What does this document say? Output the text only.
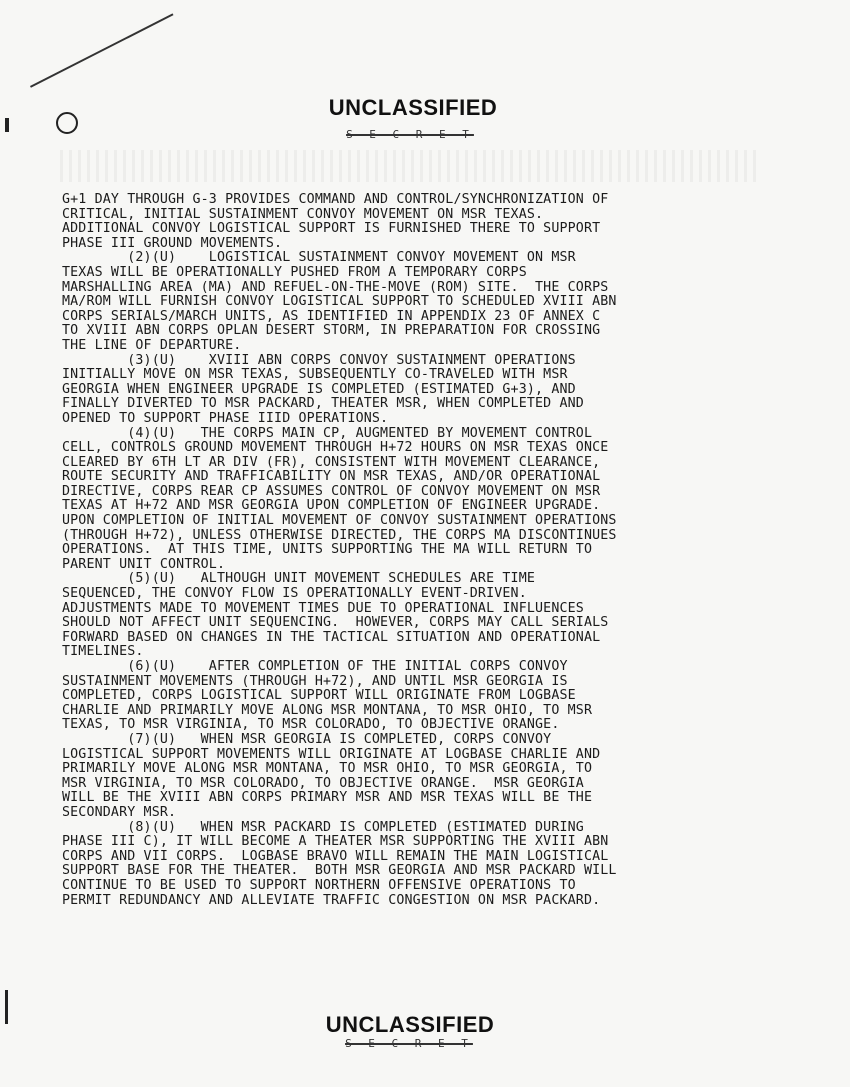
UNCLASSIFIED
S E C R E T
G+1 DAY THROUGH G-3 PROVIDES COMMAND AND CONTROL/SYNCHRONIZATION OF
CRITICAL, INITIAL SUSTAINMENT CONVOY MOVEMENT ON MSR TEXAS.
ADDITIONAL CONVOY LOGISTICAL SUPPORT IS FURNISHED THERE TO SUPPORT
PHASE III GROUND MOVEMENTS.
(2)(U)    LOGISTICAL SUSTAINMENT CONVOY MOVEMENT ON MSR
TEXAS WILL BE OPERATIONALLY PUSHED FROM A TEMPORARY CORPS
MARSHALLING AREA (MA) AND REFUEL-ON-THE-MOVE (ROM) SITE.  THE CORPS
MA/ROM WILL FURNISH CONVOY LOGISTICAL SUPPORT TO SCHEDULED XVIII ABN
CORPS SERIALS/MARCH UNITS, AS IDENTIFIED IN APPENDIX 23 OF ANNEX C
TO XVIII ABN CORPS OPLAN DESERT STORM, IN PREPARATION FOR CROSSING
THE LINE OF DEPARTURE.
(3)(U)    XVIII ABN CORPS CONVOY SUSTAINMENT OPERATIONS
INITIALLY MOVE ON MSR TEXAS, SUBSEQUENTLY CO-TRAVELED WITH MSR
GEORGIA WHEN ENGINEER UPGRADE IS COMPLETED (ESTIMATED G+3), AND
FINALLY DIVERTED TO MSR PACKARD, THEATER MSR, WHEN COMPLETED AND
OPENED TO SUPPORT PHASE IIID OPERATIONS.
(4)(U)   THE CORPS MAIN CP, AUGMENTED BY MOVEMENT CONTROL
CELL, CONTROLS GROUND MOVEMENT THROUGH H+72 HOURS ON MSR TEXAS ONCE
CLEARED BY 6TH LT AR DIV (FR), CONSISTENT WITH MOVEMENT CLEARANCE,
ROUTE SECURITY AND TRAFFICABILITY ON MSR TEXAS, AND/OR OPERATIONAL
DIRECTIVE, CORPS REAR CP ASSUMES CONTROL OF CONVOY MOVEMENT ON MSR
TEXAS AT H+72 AND MSR GEORGIA UPON COMPLETION OF ENGINEER UPGRADE.
UPON COMPLETION OF INITIAL MOVEMENT OF CONVOY SUSTAINMENT OPERATIONS
(THROUGH H+72), UNLESS OTHERWISE DIRECTED, THE CORPS MA DISCONTINUES
OPERATIONS.  AT THIS TIME, UNITS SUPPORTING THE MA WILL RETURN TO
PARENT UNIT CONTROL.
(5)(U)   ALTHOUGH UNIT MOVEMENT SCHEDULES ARE TIME
SEQUENCED, THE CONVOY FLOW IS OPERATIONALLY EVENT-DRIVEN.
ADJUSTMENTS MADE TO MOVEMENT TIMES DUE TO OPERATIONAL INFLUENCES
SHOULD NOT AFFECT UNIT SEQUENCING.  HOWEVER, CORPS MAY CALL SERIALS
FORWARD BASED ON CHANGES IN THE TACTICAL SITUATION AND OPERATIONAL
TIMELINES.
(6)(U)    AFTER COMPLETION OF THE INITIAL CORPS CONVOY
SUSTAINMENT MOVEMENTS (THROUGH H+72), AND UNTIL MSR GEORGIA IS
COMPLETED, CORPS LOGISTICAL SUPPORT WILL ORIGINATE FROM LOGBASE
CHARLIE AND PRIMARILY MOVE ALONG MSR MONTANA, TO MSR OHIO, TO MSR
TEXAS, TO MSR VIRGINIA, TO MSR COLORADO, TO OBJECTIVE ORANGE.
(7)(U)   WHEN MSR GEORGIA IS COMPLETED, CORPS CONVOY
LOGISTICAL SUPPORT MOVEMENTS WILL ORIGINATE AT LOGBASE CHARLIE AND
PRIMARILY MOVE ALONG MSR MONTANA, TO MSR OHIO, TO MSR GEORGIA, TO
MSR VIRGINIA, TO MSR COLORADO, TO OBJECTIVE ORANGE.  MSR GEORGIA
WILL BE THE XVIII ABN CORPS PRIMARY MSR AND MSR TEXAS WILL BE THE
SECONDARY MSR.
(8)(U)   WHEN MSR PACKARD IS COMPLETED (ESTIMATED DURING
PHASE III C), IT WILL BECOME A THEATER MSR SUPPORTING THE XVIII ABN
CORPS AND VII CORPS.  LOGBASE BRAVO WILL REMAIN THE MAIN LOGISTICAL
SUPPORT BASE FOR THE THEATER.  BOTH MSR GEORGIA AND MSR PACKARD WILL
CONTINUE TO BE USED TO SUPPORT NORTHERN OFFENSIVE OPERATIONS TO
PERMIT REDUNDANCY AND ALLEVIATE TRAFFIC CONGESTION ON MSR PACKARD.
UNCLASSIFIED
S E C R E T
